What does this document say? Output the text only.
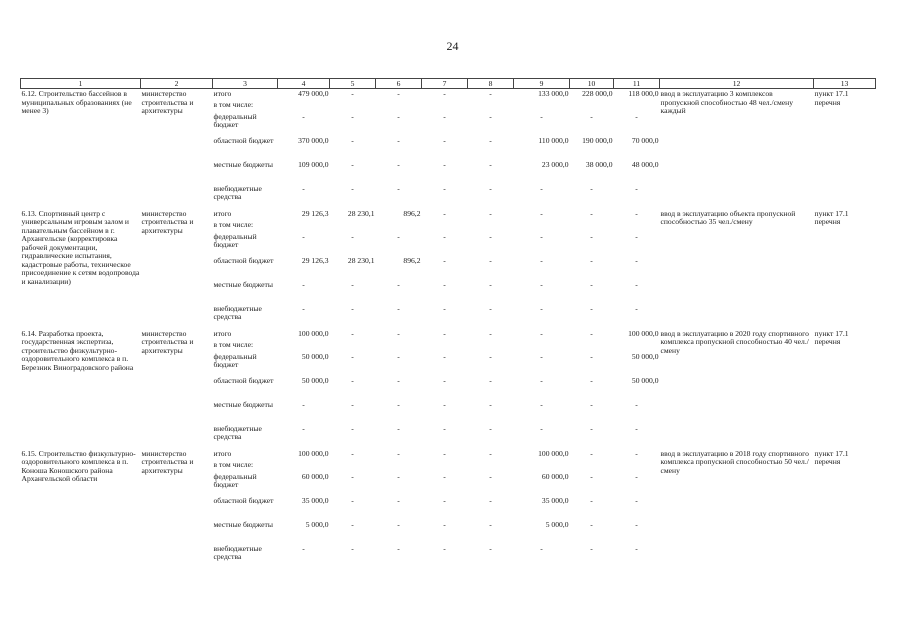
24
1	2	3	4	5	6	7	8	9	10	11	12	13
6.12. Строительство бассейнов в муниципальных образованиях (не менее 3)	министерство строительства и архитектуры	итого	479 000,0	-	-	-	-	133 000,0	228 000,0	118 000,0	ввод в эксплуатацию 3 комплексов пропускной способностью 48 чел./смену каждый	пункт 17.1 перечня
		в том числе:										
		федеральный бюджет	-	-	-	-	-	-	-	-		
		областной бюджет	370 000,0	-	-	-	-	110 000,0	190 000,0	70 000,0		
		местные бюджеты	109 000,0	-	-	-	-	23 000,0	38 000,0	48 000,0		
		внебюджетные средства	-	-	-	-	-	-	-	-		
6.13. Спортивный центр с универсальным игровым залом и плавательным бассейном в г. Архангельске (корректировка рабочей документации, гидравлические испытания, кадастровые работы, техническое присоединение к сетям водопровода и канализации)	министерство строительства и архитектуры	итого	29 126,3	28 230,1	896,2	-	-	-	-	-	ввод в эксплуатацию объекта пропускной способностью 35 чел./смену	пункт 17.1 перечня
		в том числе:										
		федеральный бюджет	-	-	-	-	-	-	-	-		
		областной бюджет	29 126,3	28 230,1	896,2	-	-	-	-	-		
		местные бюджеты	-	-	-	-	-	-	-	-		
		внебюджетные средства	-	-	-	-	-	-	-	-		
6.14. Разработка проекта, государственная экспертиза, строительство физкультурно-оздоровительного комплекса в п. Березник Виноградовского района	министерство строительства и архитектуры	итого	100 000,0	-	-	-	-	-	-	100 000,0	ввод в эксплуатацию в 2020 году спортивного комплекса пропускной способностью 40 чел./смену	пункт 17.1 перечня
		в том числе:										
		федеральный бюджет	50 000,0	-	-	-	-	-	-	50 000,0		
		областной бюджет	50 000,0	-	-	-	-	-	-	50 000,0		
		местные бюджеты	-	-	-	-	-	-	-	-		
		внебюджетные средства	-	-	-	-	-	-	-	-		
6.15. Строительство физкультурно-оздоровительного комплекса в п. Коноша Коношского района Архангельской области	министерство строительства и архитектуры	итого	100 000,0	-	-	-	-	100 000,0	-	-	ввод в эксплуатацию в 2018 году спортивного комплекса пропускной способностью 50 чел./смену	пункт 17.1 перечня
		в том числе:										
		федеральный бюджет	60 000,0	-	-	-	-	60 000,0	-	-		
		областной бюджет	35 000,0	-	-	-	-	35 000,0	-	-		
		местные бюджеты	5 000,0	-	-	-	-	5 000,0	-	-		
		внебюджетные средства	-	-	-	-	-	-	-	-		
